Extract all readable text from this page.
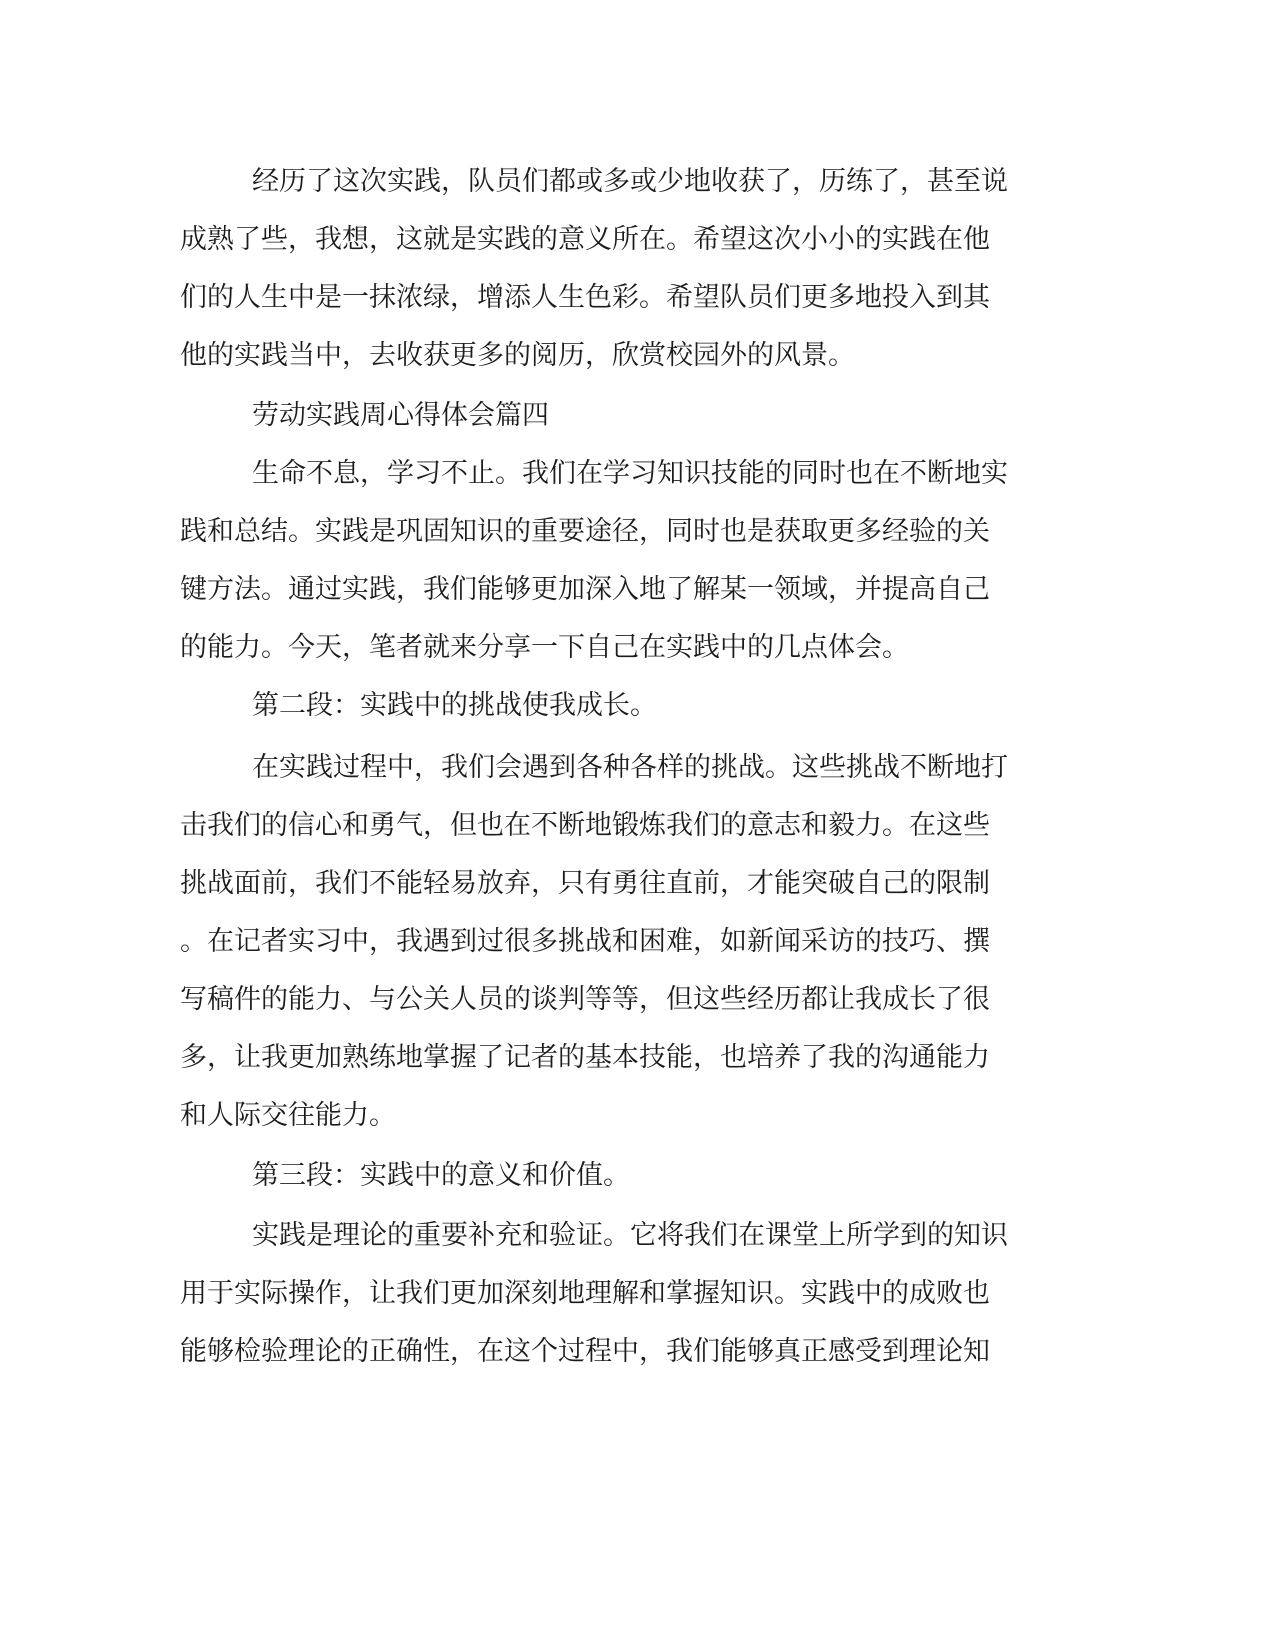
经历了这次实践，队员们都或多或少地收获了，历练了，甚至说
成熟了些，我想，这就是实践的意义所在。希望这次小小的实践在他
们的人生中是一抹浓绿，增添人生色彩。希望队员们更多地投入到其
他的实践当中，去收获更多的阅历，欣赏校园外的风景。
劳动实践周心得体会篇四
生命不息，学习不止。我们在学习知识技能的同时也在不断地实
践和总结。实践是巩固知识的重要途径，同时也是获取更多经验的关
键方法。通过实践，我们能够更加深入地了解某一领域，并提高自己
的能力。今天，笔者就来分享一下自己在实践中的几点体会。
第二段：实践中的挑战使我成长。
在实践过程中，我们会遇到各种各样的挑战。这些挑战不断地打
击我们的信心和勇气，但也在不断地锻炼我们的意志和毅力。在这些
挑战面前，我们不能轻易放弃，只有勇往直前，才能突破自己的限制
。在记者实习中，我遇到过很多挑战和困难，如新闻采访的技巧、撰
写稿件的能力、与公关人员的谈判等等，但这些经历都让我成长了很
多，让我更加熟练地掌握了记者的基本技能，也培养了我的沟通能力
和人际交往能力。
第三段：实践中的意义和价值。
实践是理论的重要补充和验证。它将我们在课堂上所学到的知识
用于实际操作，让我们更加深刻地理解和掌握知识。实践中的成败也
能够检验理论的正确性，在这个过程中，我们能够真正感受到理论知
